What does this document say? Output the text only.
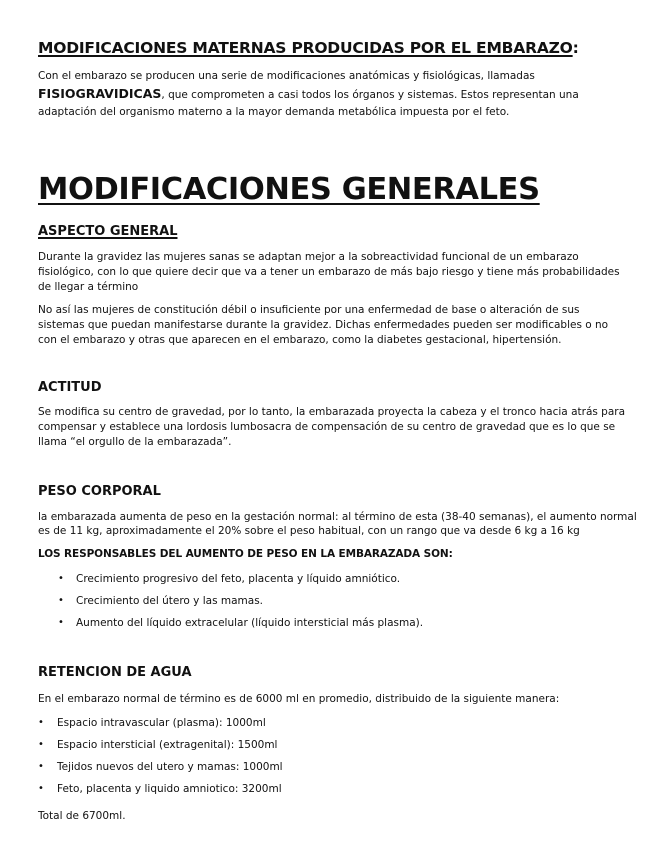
MODIFICACIONES MATERNAS PRODUCIDAS POR EL EMBARAZO:

Con el embarazo se producen una serie de modificaciones anatómicas y fisiológicas, llamadas FISIOGRAVIDICAS, que comprometen a casi todos los órganos y sistemas. Estos representan una adaptación del organismo materno a la mayor demanda metabólica impuesta por el feto.

MODIFICACIONES GENERALES
ASPECTO GENERAL

Durante la gravidez las mujeres sanas se adaptan mejor a la sobreactividad funcional de un embarazo fisiológico, con lo que quiere decir que va a tener un embarazo de más bajo riesgo y tiene más probabilidades de llegar a término

No así las mujeres de constitución débil o insuficiente por una enfermedad de base o alteración de sus sistemas que puedan manifestarse durante la gravidez. Dichas enfermedades pueden ser modificables o no con el embarazo y otras que aparecen en el embarazo, como la diabetes gestacional, hipertensión.

ACTITUD

Se modifica su centro de gravedad, por lo tanto, la embarazada proyecta la cabeza y el tronco hacia atrás para compensar y establece una lordosis lumbosacra de compensación de su centro de gravedad que es lo que se llama “el orgullo de la embarazada”.

PESO CORPORAL

la embarazada aumenta de peso en la gestación normal: al término de esta (38-40 semanas), el aumento normal es de 11 kg, aproximadamente el 20% sobre el peso habitual, con un rango que va desde 6 kg a 16 kg

LOS RESPONSABLES DEL AUMENTO DE PESO EN LA EMBARAZADA SON:

• Crecimiento progresivo del feto, placenta y líquido amniótico.
• Crecimiento del útero y las mamas.
• Aumento del líquido extracelular (líquido intersticial más plasma).
RETENCION DE AGUA

En el embarazo normal de término es de 6000 ml en promedio, distribuido de la siguiente manera:

• Espacio intravascular (plasma): 1000ml
• Espacio intersticial (extragenital): 1500ml
• Tejidos nuevos del utero y mamas: 1000ml
• Feto, placenta y liquido amniotico: 3200ml

Total de 6700ml.
